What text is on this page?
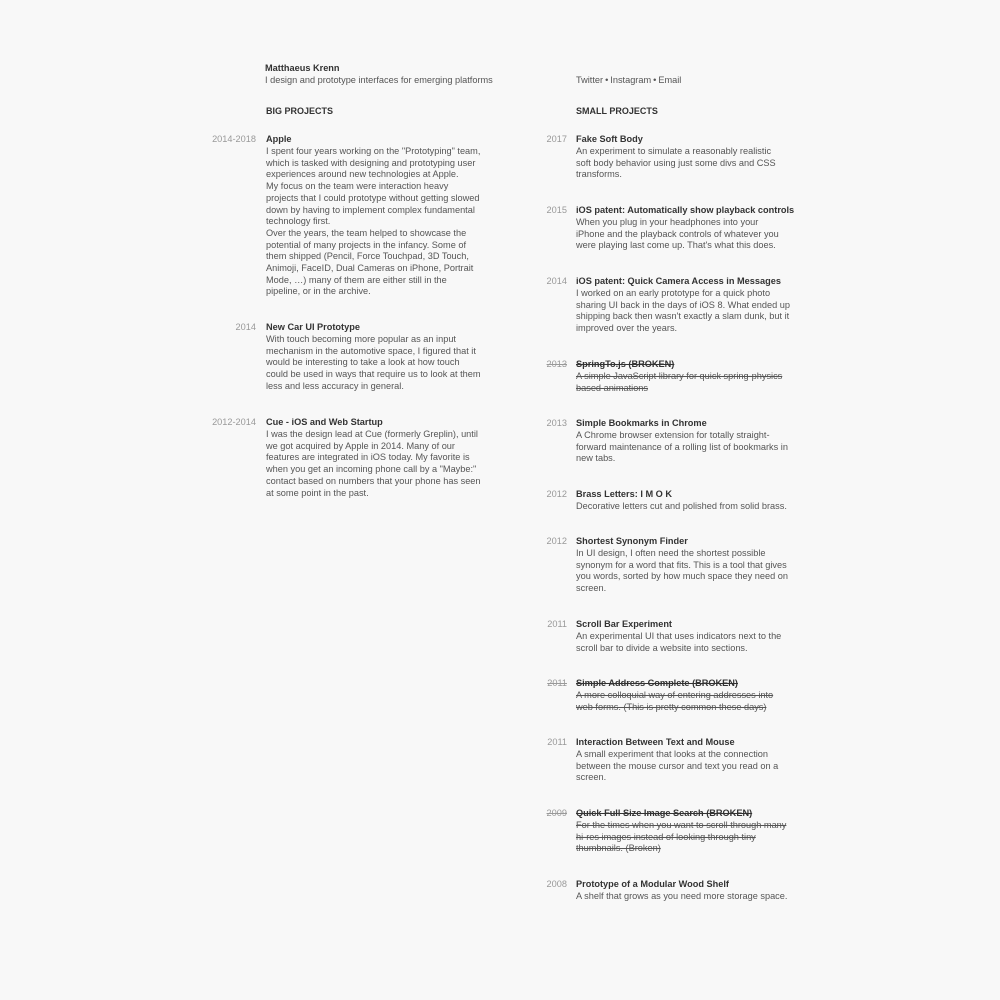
Matthaeus Krenn
I design and prototype interfaces for emerging platforms	Twitter • Instagram • Email
BIG PROJECTS	SMALL PROJECTS
2014-2018 Apple

I spent four years working on the "Prototyping" team, which is tasked with designing and prototyping user experiences around new technologies at Apple.

My focus on the team were interaction heavy projects that I could prototype without getting slowed down by having to implement complex fundamental technology first.

Over the years, the team helped to showcase the potential of many projects in the infancy. Some of them shipped (Pencil, Force Touchpad, 3D Touch, Animoji, FaceID, Dual Cameras on iPhone, Portrait Mode, …) many of them are either still in the pipeline, or in the archive.

2014 New Car UI Prototype

With touch becoming more popular as an input mechanism in the automotive space, I figured that it would be interesting to take a look at how touch could be used in ways that require us to look at them less and less accuracy in general.

2012-2014 Cue - iOS and Web Startup

I was the design lead at Cue (formerly Greplin), until we got acquired by Apple in 2014. Many of our features are integrated in iOS today. My favorite is when you get an incoming phone call by a "Maybe:" contact based on numbers that your phone has seen at some point in the past.

2017 Fake Soft Body
An experiment to simulate a reasonably realistic soft body behavior using just some divs and CSS transforms.
2015 iOS patent: Automatically show playback controls
When you plug in your headphones into your iPhone and the playback controls of whatever you were playing last come up. That's what this does.
2014 iOS patent: Quick Camera Access in Messages
I worked on an early prototype for a quick photo sharing UI back in the days of iOS 8. What ended up shipping back then wasn't exactly a slam dunk, but it improved over the years.
2013 SpringTo.js (BROKEN)
A simple JavaScript library for quick spring-physics based animations
2013 Simple Bookmarks in Chrome
A Chrome browser extension for totally straight-forward maintenance of a rolling list of bookmarks in new tabs.
2012 Brass Letters: I M O K
Decorative letters cut and polished from solid brass.
2012 Shortest Synonym Finder
In UI design, I often need the shortest possible synonym for a word that fits. This is a tool that gives you words, sorted by how much space they need on screen.
2011 Scroll Bar Experiment
An experimental UI that uses indicators next to the scroll bar to divide a website into sections.
2011 Simple Address Complete (BROKEN)
A more colloquial way of entering addresses into web forms. (This is pretty common these days)
2011 Interaction Between Text and Mouse
A small experiment that looks at the connection between the mouse cursor and text you read on a screen.
2009 Quick Full Size Image Search (BROKEN)
For the times when you want to scroll through many hi-res images instead of looking through tiny thumbnails. (Broken)
2008 Prototype of a Modular Wood Shelf
A shelf that grows as you need more storage space.
